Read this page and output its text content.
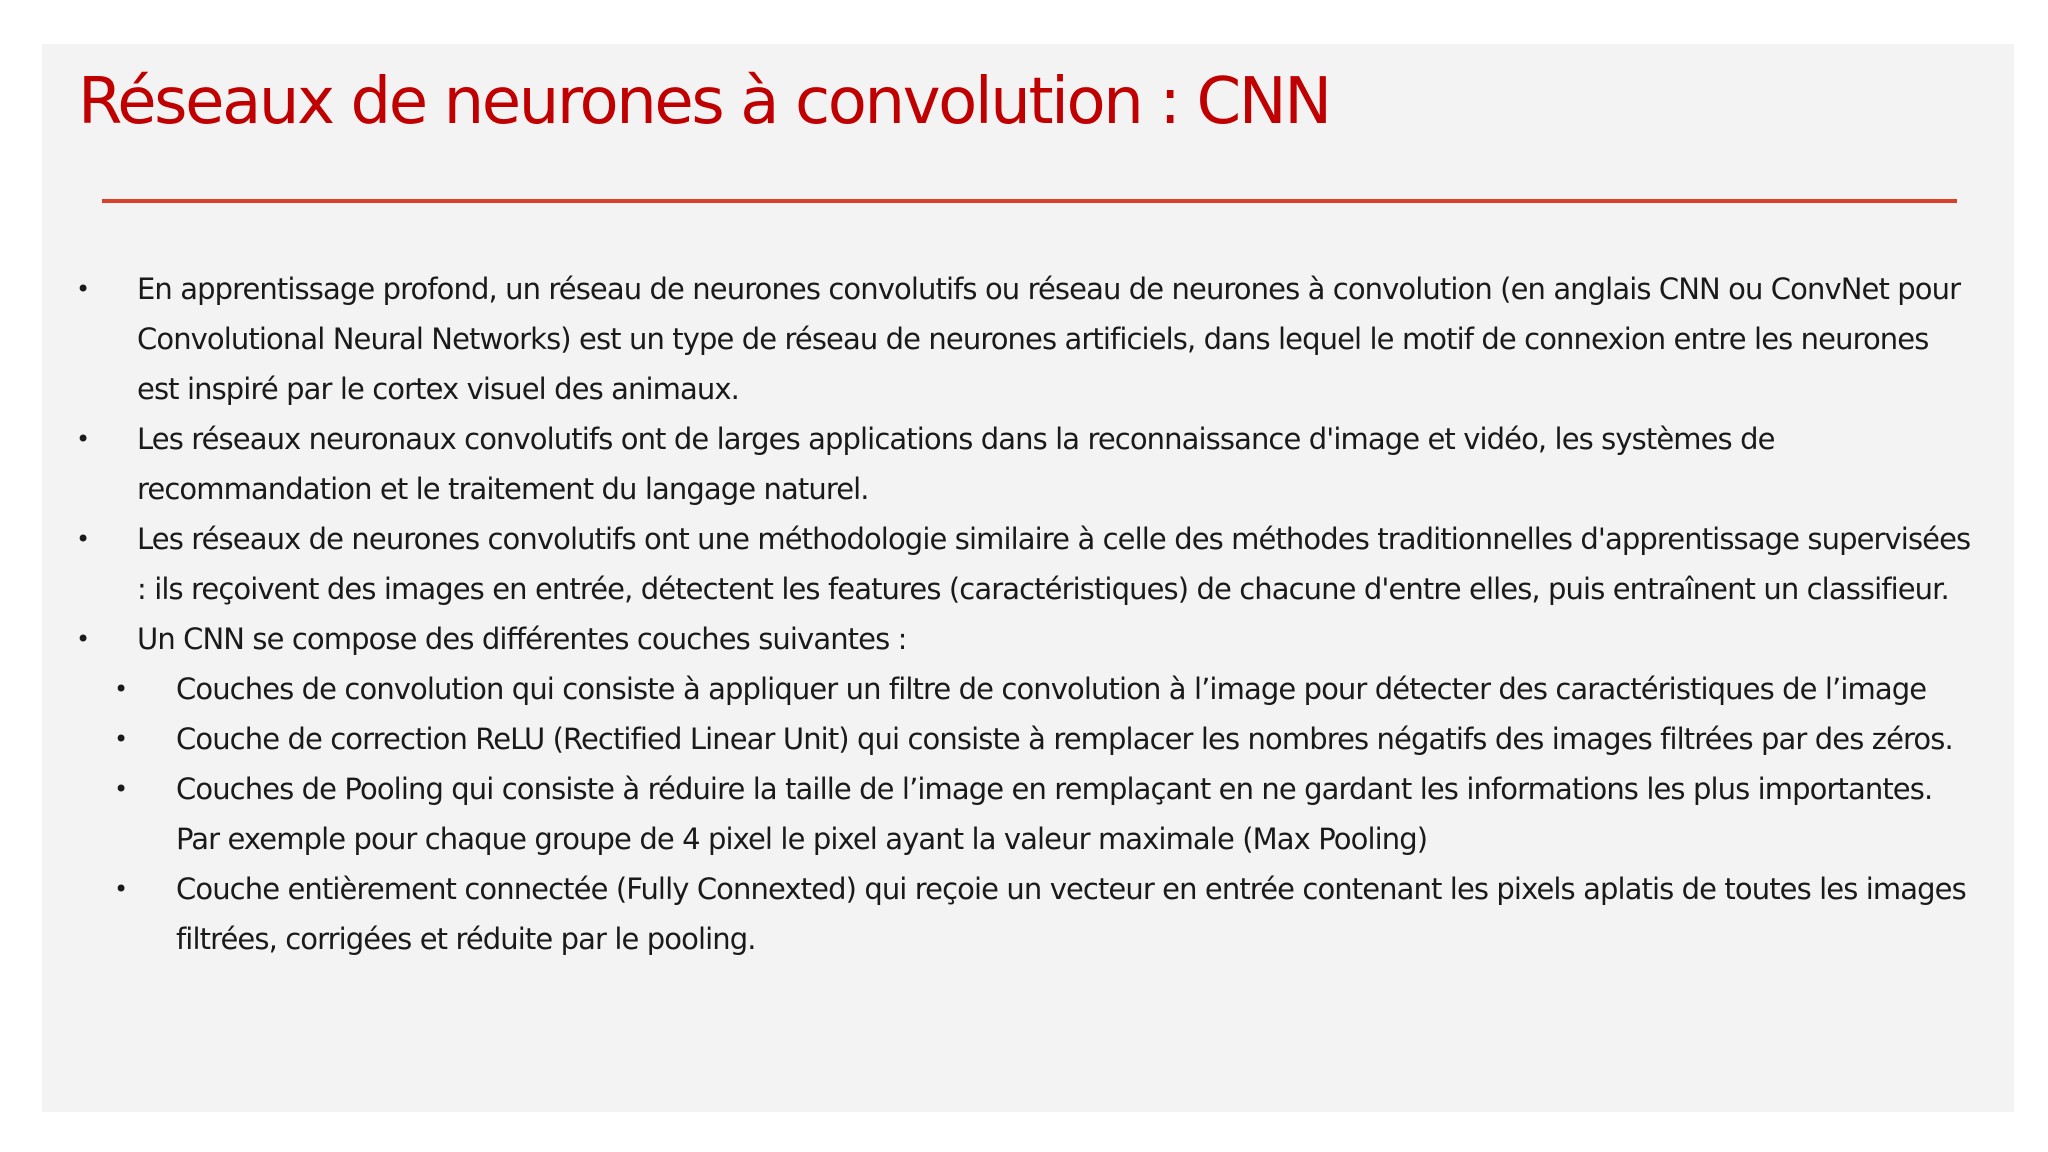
Réseaux de neurones à convolution : CNN
• En apprentissage profond, un réseau de neurones convolutifs ou réseau de neurones à convolution (en anglais CNN ou ConvNet pour Convolutional Neural Networks) est un type de réseau de neurones artificiels, dans lequel le motif de connexion entre les neurones est inspiré par le cortex visuel des animaux.
• Les réseaux neuronaux convolutifs ont de larges applications dans la reconnaissance d'image et vidéo, les systèmes de recommandation et le traitement du langage naturel.
• Les réseaux de neurones convolutifs ont une méthodologie similaire à celle des méthodes traditionnelles d'apprentissage supervisées : ils reçoivent des images en entrée, détectent les features (caractéristiques) de chacune d'entre elles, puis entraînent un classifieur.
• Un CNN se compose des différentes couches suivantes :
• Couches de convolution qui consiste à appliquer un filtre de convolution à l’image pour détecter des caractéristiques de l’image
• Couche de correction ReLU (Rectified Linear Unit) qui consiste à remplacer les nombres négatifs des images filtrées par des zéros.
• Couches de Pooling qui consiste à réduire la taille de l’image en remplaçant en ne gardant les informations les plus importantes. Par exemple pour chaque groupe de 4 pixel le pixel ayant la valeur maximale (Max Pooling)
• Couche entièrement connectée (Fully Connexted) qui reçoie un vecteur en entrée contenant les pixels aplatis de toutes les images filtrées, corrigées et réduite par le pooling.
